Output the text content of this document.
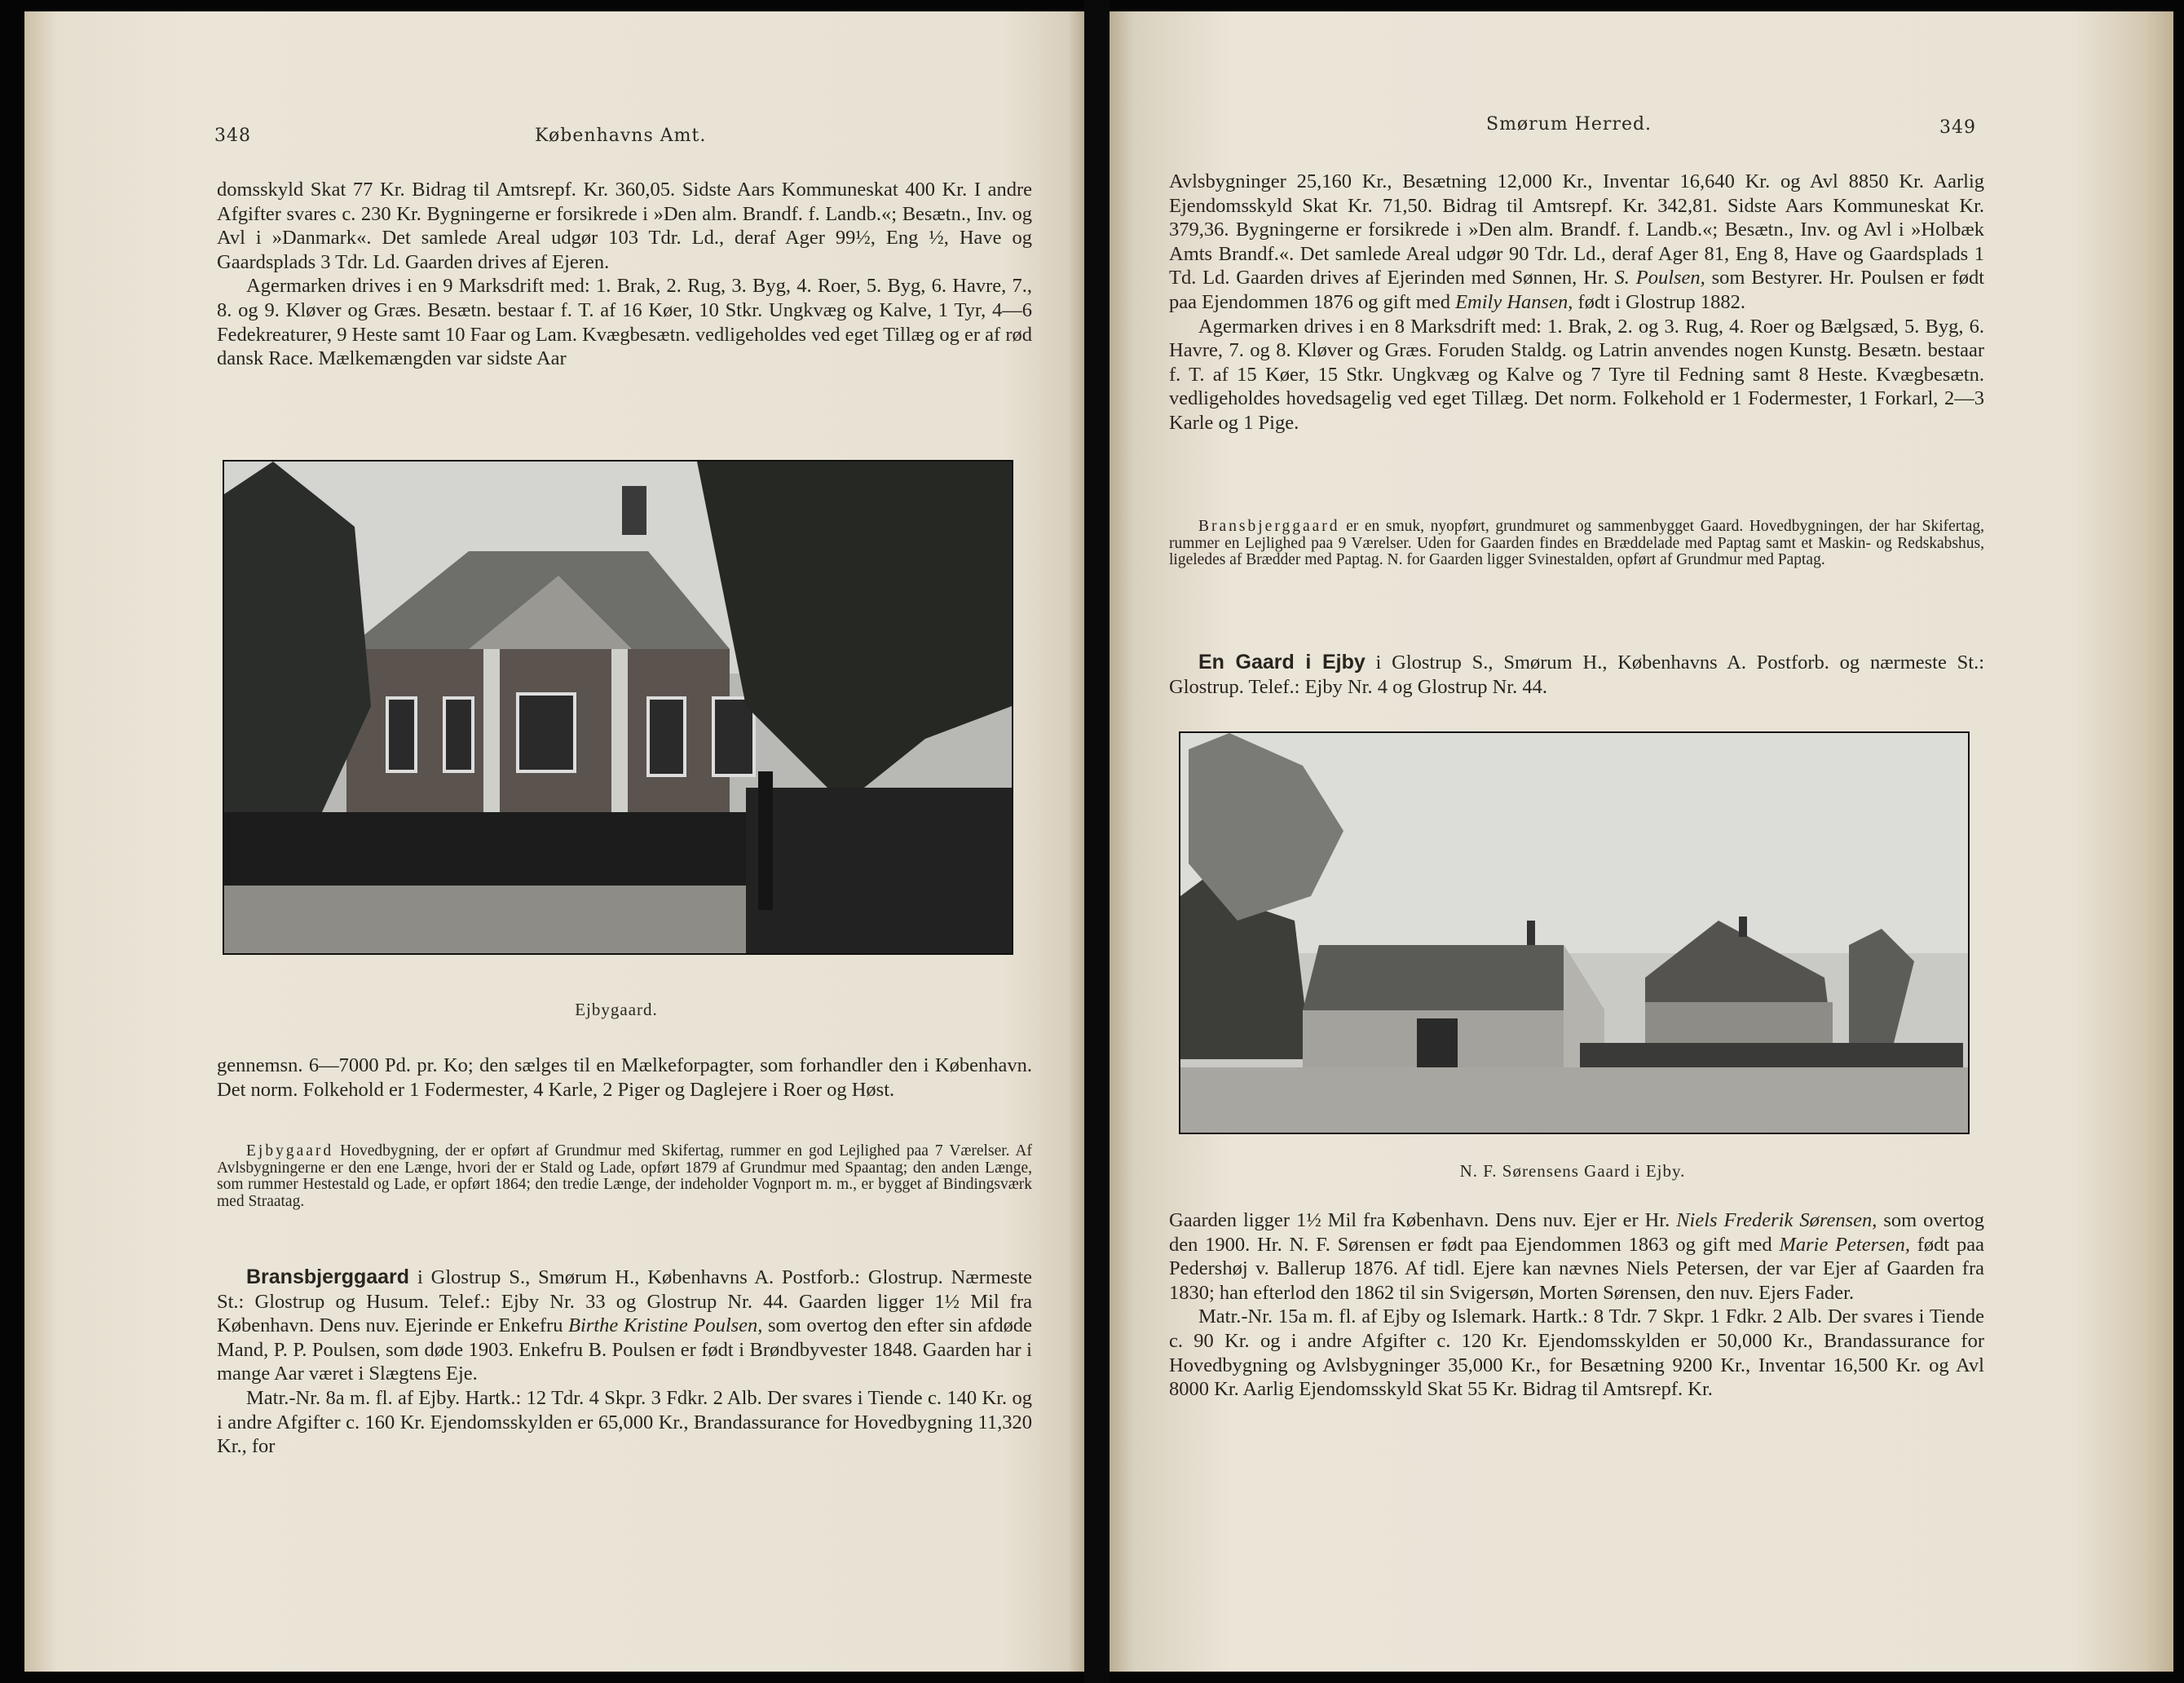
348	Københavns Amt.

domsskyld Skat 77 Kr. Bidrag til Amtsrepf. Kr. 360,05. Sidste Aars Kommuneskat 400 Kr. I andre Afgifter svares c. 230 Kr. Bygningerne er forsikrede i »Den alm. Brandf. f. Landb.«; Besætn., Inv. og Avl i »Danmark«. Det samlede Areal udgør 103 Tdr. Ld., deraf Ager 99½, Eng ½, Have og Gaardsplads 3 Tdr. Ld. Gaarden drives af Ejeren.

Agermarken drives i en 9 Marksdrift med: 1. Brak, 2. Rug, 3. Byg, 4. Roer, 5. Byg, 6. Havre, 7., 8. og 9. Kløver og Græs. Besætn. bestaar f. T. af 16 Køer, 10 Stkr. Ungkvæg og Kalve, 1 Tyr, 4—6 Fedekreaturer, 9 Heste samt 10 Faar og Lam. Kvægbesætn. vedligeholdes ved eget Tillæg og er af rød dansk Race. Mælkemængden var sidste Aar

Ejbygaard.

gennemsn. 6—7000 Pd. pr. Ko; den sælges til en Mælkeforpagter, som forhandler den i København. Det norm. Folkehold er 1 Fodermester, 4 Karle, 2 Piger og Daglejere i Roer og Høst.

Ejbygaard Hovedbygning, der er opført af Grundmur med Skifertag, rummer en god Lejlighed paa 7 Værelser. Af Avlsbygningerne er den ene Længe, hvori der er Stald og Lade, opført 1879 af Grundmur med Spaantag; den anden Længe, som rummer Hestestald og Lade, er opført 1864; den tredie Længe, der indeholder Vognport m. m., er bygget af Bindingsværk med Straatag.

Bransbjerggaard i Glostrup S., Smørum H., Københavns A. Postforb.: Glostrup. Nærmeste St.: Glostrup og Husum. Telef.: Ejby Nr. 33 og Glostrup Nr. 44. Gaarden ligger 1½ Mil fra København. Dens nuv. Ejerinde er Enkefru Birthe Kristine Poulsen, som overtog den efter sin afdøde Mand, P. P. Poulsen, som døde 1903. Enkefru B. Poulsen er født i Brøndbyvester 1848. Gaarden har i mange Aar været i Slægtens Eje.

Matr.-Nr. 8a m. fl. af Ejby. Hartk.: 12 Tdr. 4 Skpr. 3 Fdkr. 2 Alb. Der svares i Tiende c. 140 Kr. og i andre Afgifter c. 160 Kr. Ejendomsskylden er 65,000 Kr., Brandassurance for Hovedbygning 11,320 Kr., for

Smørum Herred.	349

Avlsbygninger 25,160 Kr., Besætning 12,000 Kr., Inventar 16,640 Kr. og Avl 8850 Kr. Aarlig Ejendomsskyld Skat Kr. 71,50. Bidrag til Amtsrepf. Kr. 342,81. Sidste Aars Kommuneskat Kr. 379,36. Bygningerne er forsikrede i »Den alm. Brandf. f. Landb.«; Besætn., Inv. og Avl i »Holbæk Amts Brandf.«. Det samlede Areal udgør 90 Tdr. Ld., deraf Ager 81, Eng 8, Have og Gaardsplads 1 Td. Ld. Gaarden drives af Ejerinden med Sønnen, Hr. S. Poulsen, som Bestyrer. Hr. Poulsen er født paa Ejendommen 1876 og gift med Emily Hansen, født i Glostrup 1882.

Agermarken drives i en 8 Marksdrift med: 1. Brak, 2. og 3. Rug, 4. Roer og Bælgsæd, 5. Byg, 6. Havre, 7. og 8. Kløver og Græs. Foruden Staldg. og Latrin anvendes nogen Kunstg. Besætn. bestaar f. T. af 15 Køer, 15 Stkr. Ungkvæg og Kalve og 7 Tyre til Fedning samt 8 Heste. Kvægbesætn. vedligeholdes hovedsagelig ved eget Tillæg. Det norm. Folkehold er 1 Fodermester, 1 Forkarl, 2—3 Karle og 1 Pige.

Bransbjerggaard er en smuk, nyopført, grundmuret og sammenbygget Gaard. Hovedbygningen, der har Skifertag, rummer en Lejlighed paa 9 Værelser. Uden for Gaarden findes en Bræddelade med Paptag samt et Maskin- og Redskabshus, ligeledes af Brædder med Paptag. N. for Gaarden ligger Svinestalden, opført af Grundmur med Paptag.

En Gaard i Ejby i Glostrup S., Smørum H., Københavns A. Postforb. og nærmeste St.: Glostrup. Telef.: Ejby Nr. 4 og Glostrup Nr. 44.

N. F. Sørensens Gaard i Ejby.

Gaarden ligger 1½ Mil fra København. Dens nuv. Ejer er Hr. Niels Frederik Sørensen, som overtog den 1900. Hr. N. F. Sørensen er født paa Ejendommen 1863 og gift med Marie Petersen, født paa Pedershøj v. Ballerup 1876. Af tidl. Ejere kan nævnes Niels Petersen, der var Ejer af Gaarden fra 1830; han efterlod den 1862 til sin Svigersøn, Morten Sørensen, den nuv. Ejers Fader.

Matr.-Nr. 15a m. fl. af Ejby og Islemark. Hartk.: 8 Tdr. 7 Skpr. 1 Fdkr. 2 Alb. Der svares i Tiende c. 90 Kr. og i andre Afgifter c. 120 Kr. Ejendomsskylden er 50,000 Kr., Brandassurance for Hovedbygning og Avlsbygninger 35,000 Kr., for Besætning 9200 Kr., Inventar 16,500 Kr. og Avl 8000 Kr. Aarlig Ejendomsskyld Skat 55 Kr. Bidrag til Amtsrepf. Kr.
